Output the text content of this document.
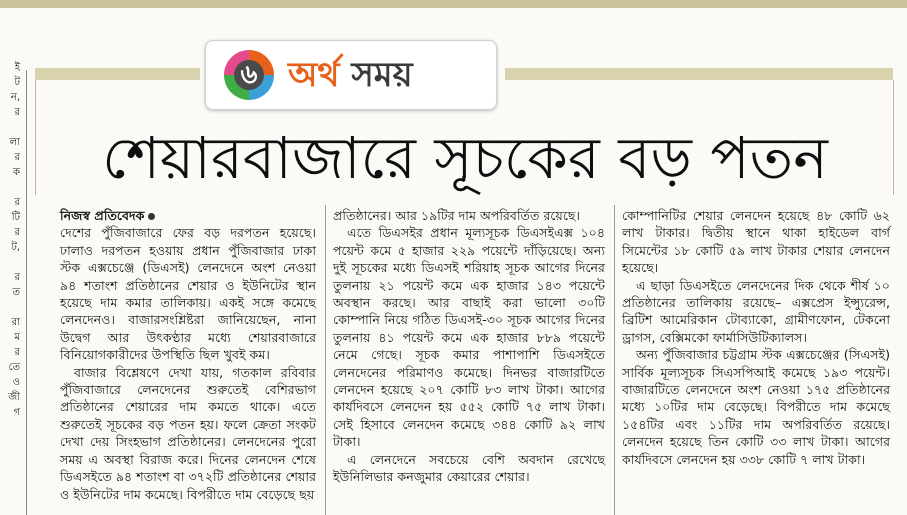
ই
ট
ন,
র

লা
র
ক

র
টি
র
ট,

র
ত

রা
ম
র
তে
ও
জী
গ
৬ অর্থ সময়
শেয়ারবাজারে সূচকের বড় পতন

নিজস্ব প্রতিবেদক

দেশের পুঁজিবাজারে ফের বড় দরপতন হয়েছে। ঢালাও দরপতন হওয়ায় প্রধান পুঁজিবাজার ঢাকা স্টক এক্সচেঞ্জে (ডিএসই) লেনদেনে অংশ নেওয়া ৯৪ শতাংশ প্রতিষ্ঠানের শেয়ার ও ইউনিটের স্থান হয়েছে দাম কমার তালিকায়। একই সঙ্গে কমেছে লেনদেনও। বাজারসংশ্লিষ্টরা জানিয়েছেন, নানা উদ্বেগ আর উৎকণ্ঠার মধ্যে শেয়ারবাজারে বিনিয়োগকারীদের উপস্থিতি ছিল খুবই কম।

বাজার বিশ্লেষণে দেখা যায়, গতকাল রবিবার পুঁজিবাজারে লেনদেনের শুরুতেই বেশিরভাগ প্রতিষ্ঠানের শেয়ারের দাম কমতে থাকে। এতে শুরুতেই সূচকের বড় পতন হয়। ফলে ক্রেতা সংকট দেখা দেয় সিংহভাগ প্রতিষ্ঠানের। লেনদেনের পুরো সময় এ অবস্থা বিরাজ করে। দিনের লেনদেন শেষে ডিএসইতে ৯৪ শতাংশ বা ৩৭২টি প্রতিষ্ঠানের শেয়ার ও ইউনিটের দাম কমেছে। বিপরীতে দাম বেড়েছে ছয়

প্রতিষ্ঠানের। আর ১৯টির দাম অপরিবর্তিত রয়েছে।

এতে ডিএসইর প্রধান মূল্যসূচক ডিএসইএক্স ১০৪ পয়েন্ট কমে ৫ হাজার ২২৯ পয়েন্টে দাঁড়িয়েছে। অন্য দুই সূচকের মধ্যে ডিএসই শরিয়াহ সূচক আগের দিনের তুলনায় ২১ পয়েন্ট কমে এক হাজার ১৪৩ পয়েন্টে অবস্থান করছে। আর বাছাই করা ভালো ৩০টি কোম্পানি নিয়ে গঠিত ডিএসই-৩০ সূচক আগের দিনের তুলনায় ৪১ পয়েন্ট কমে এক হাজার ৮৮৯ পয়েন্টে নেমে গেছে। সূচক কমার পাশাপাশি ডিএসইতে লেনদেনের পরিমাণও কমেছে। দিনভর বাজারটিতে লেনদেন হয়েছে ২০৭ কোটি ৮৩ লাখ টাকা। আগের কার্যদিবসে লেনদেন হয় ৫৫২ কোটি ৭৫ লাখ টাকা। সেই হিসাবে লেনদেন কমেছে ৩৪৪ কোটি ৯২ লাখ টাকা।

এ লেনদেনে সবচেয়ে বেশি অবদান রেখেছে ইউনিলিভার কনজুমার কেয়ারের শেয়ার।

কোম্পানিটির শেয়ার লেনদেন হয়েছে ৪৮ কোটি ৬২ লাখ টাকার। দ্বিতীয় স্থানে থাকা হাইডেল বার্গ সিমেন্টের ১৮ কোটি ৫৯ লাখ টাকার শেয়ার লেনদেন হয়েছে।

এ ছাড়া ডিএসইতে লেনদেনের দিক থেকে শীর্ষ ১০ প্রতিষ্ঠানের তালিকায় রয়েছে– এক্সপ্রেস ইন্স্যুরেন্স, ব্রিটিশ আমেরিকান টোব্যাকো, গ্রামীণফোন, টেকনো ড্রাগস, বেক্সিমকো ফার্মাসিউটিক্যালস।

অন্য পুঁজিবাজার চট্টগ্রাম স্টক এক্সচেঞ্জের (সিএসই) সার্বিক মূল্যসূচক সিএসপিআই কমেছে ১৯৩ পয়েন্ট। বাজারটিতে লেনদেনে অংশ নেওয়া ১৭৫ প্রতিষ্ঠানের মধ্যে ১০টির দাম বেড়েছে। বিপরীতে দাম কমেছে ১৫৪টির এবং ১১টির দাম অপরিবর্তিত রয়েছে। লেনদেন হয়েছে তিন কোটি ৩৩ লাখ টাকা। আগের কার্যদিবসে লেনদেন হয় ৩৩৮ কোটি ৭ লাখ টাকা।
